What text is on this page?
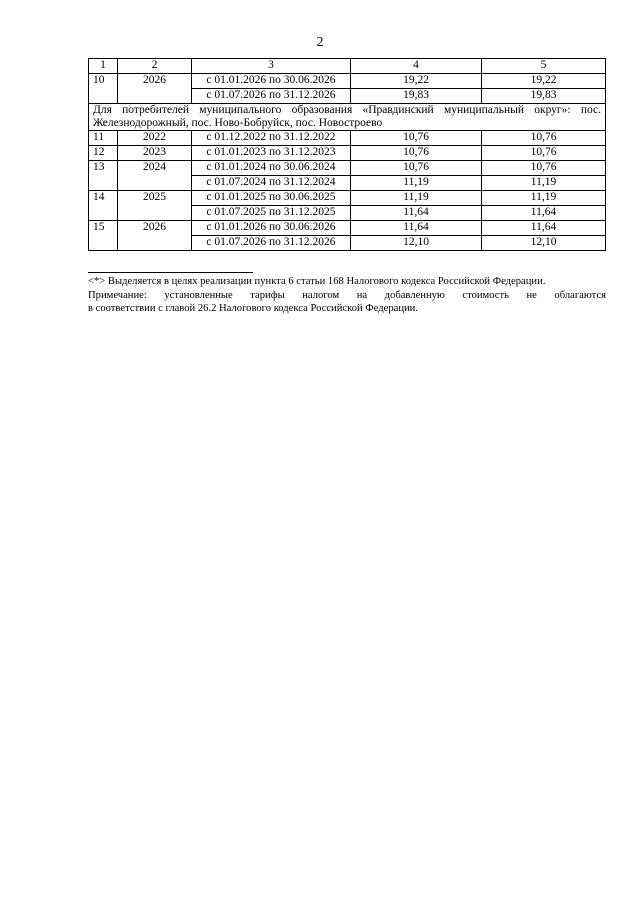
2
1	2	3	4	5
10	2026	с 01.01.2026 по 30.06.2026	19,22	19,22
		с 01.07.2026 по 31.12.2026	19,83	19,83
Для потребителей муниципального образования «Правдинский муниципальный округ»: пос. Железнодорожный, пос. Ново-Бобруйск, пос. Новостроево				
11	2022	с 01.12.2022 по 31.12.2022	10,76	10,76
12	2023	с 01.01.2023 по 31.12.2023	10,76	10,76
13	2024	с 01.01.2024 по 30.06.2024	10,76	10,76
		с 01.07.2024 по 31.12.2024	11,19	11,19
14	2025	с 01.01.2025 по 30.06.2025	11,19	11,19
		с 01.07.2025 по 31.12.2025	11,64	11,64
15	2026	с 01.01.2026 по 30.06.2026	11,64	11,64
		с 01.07.2026 по 31.12.2026	12,10	12,10

<*> Выделяется в целях реализации пункта 6 статьи 168 Налогового кодекса Российской Федерации.

Примечание: установленные тарифы налогом на добавленную стоимость не облагаются

в соответствии с главой 26.2 Налогового кодекса Российской Федерации.
